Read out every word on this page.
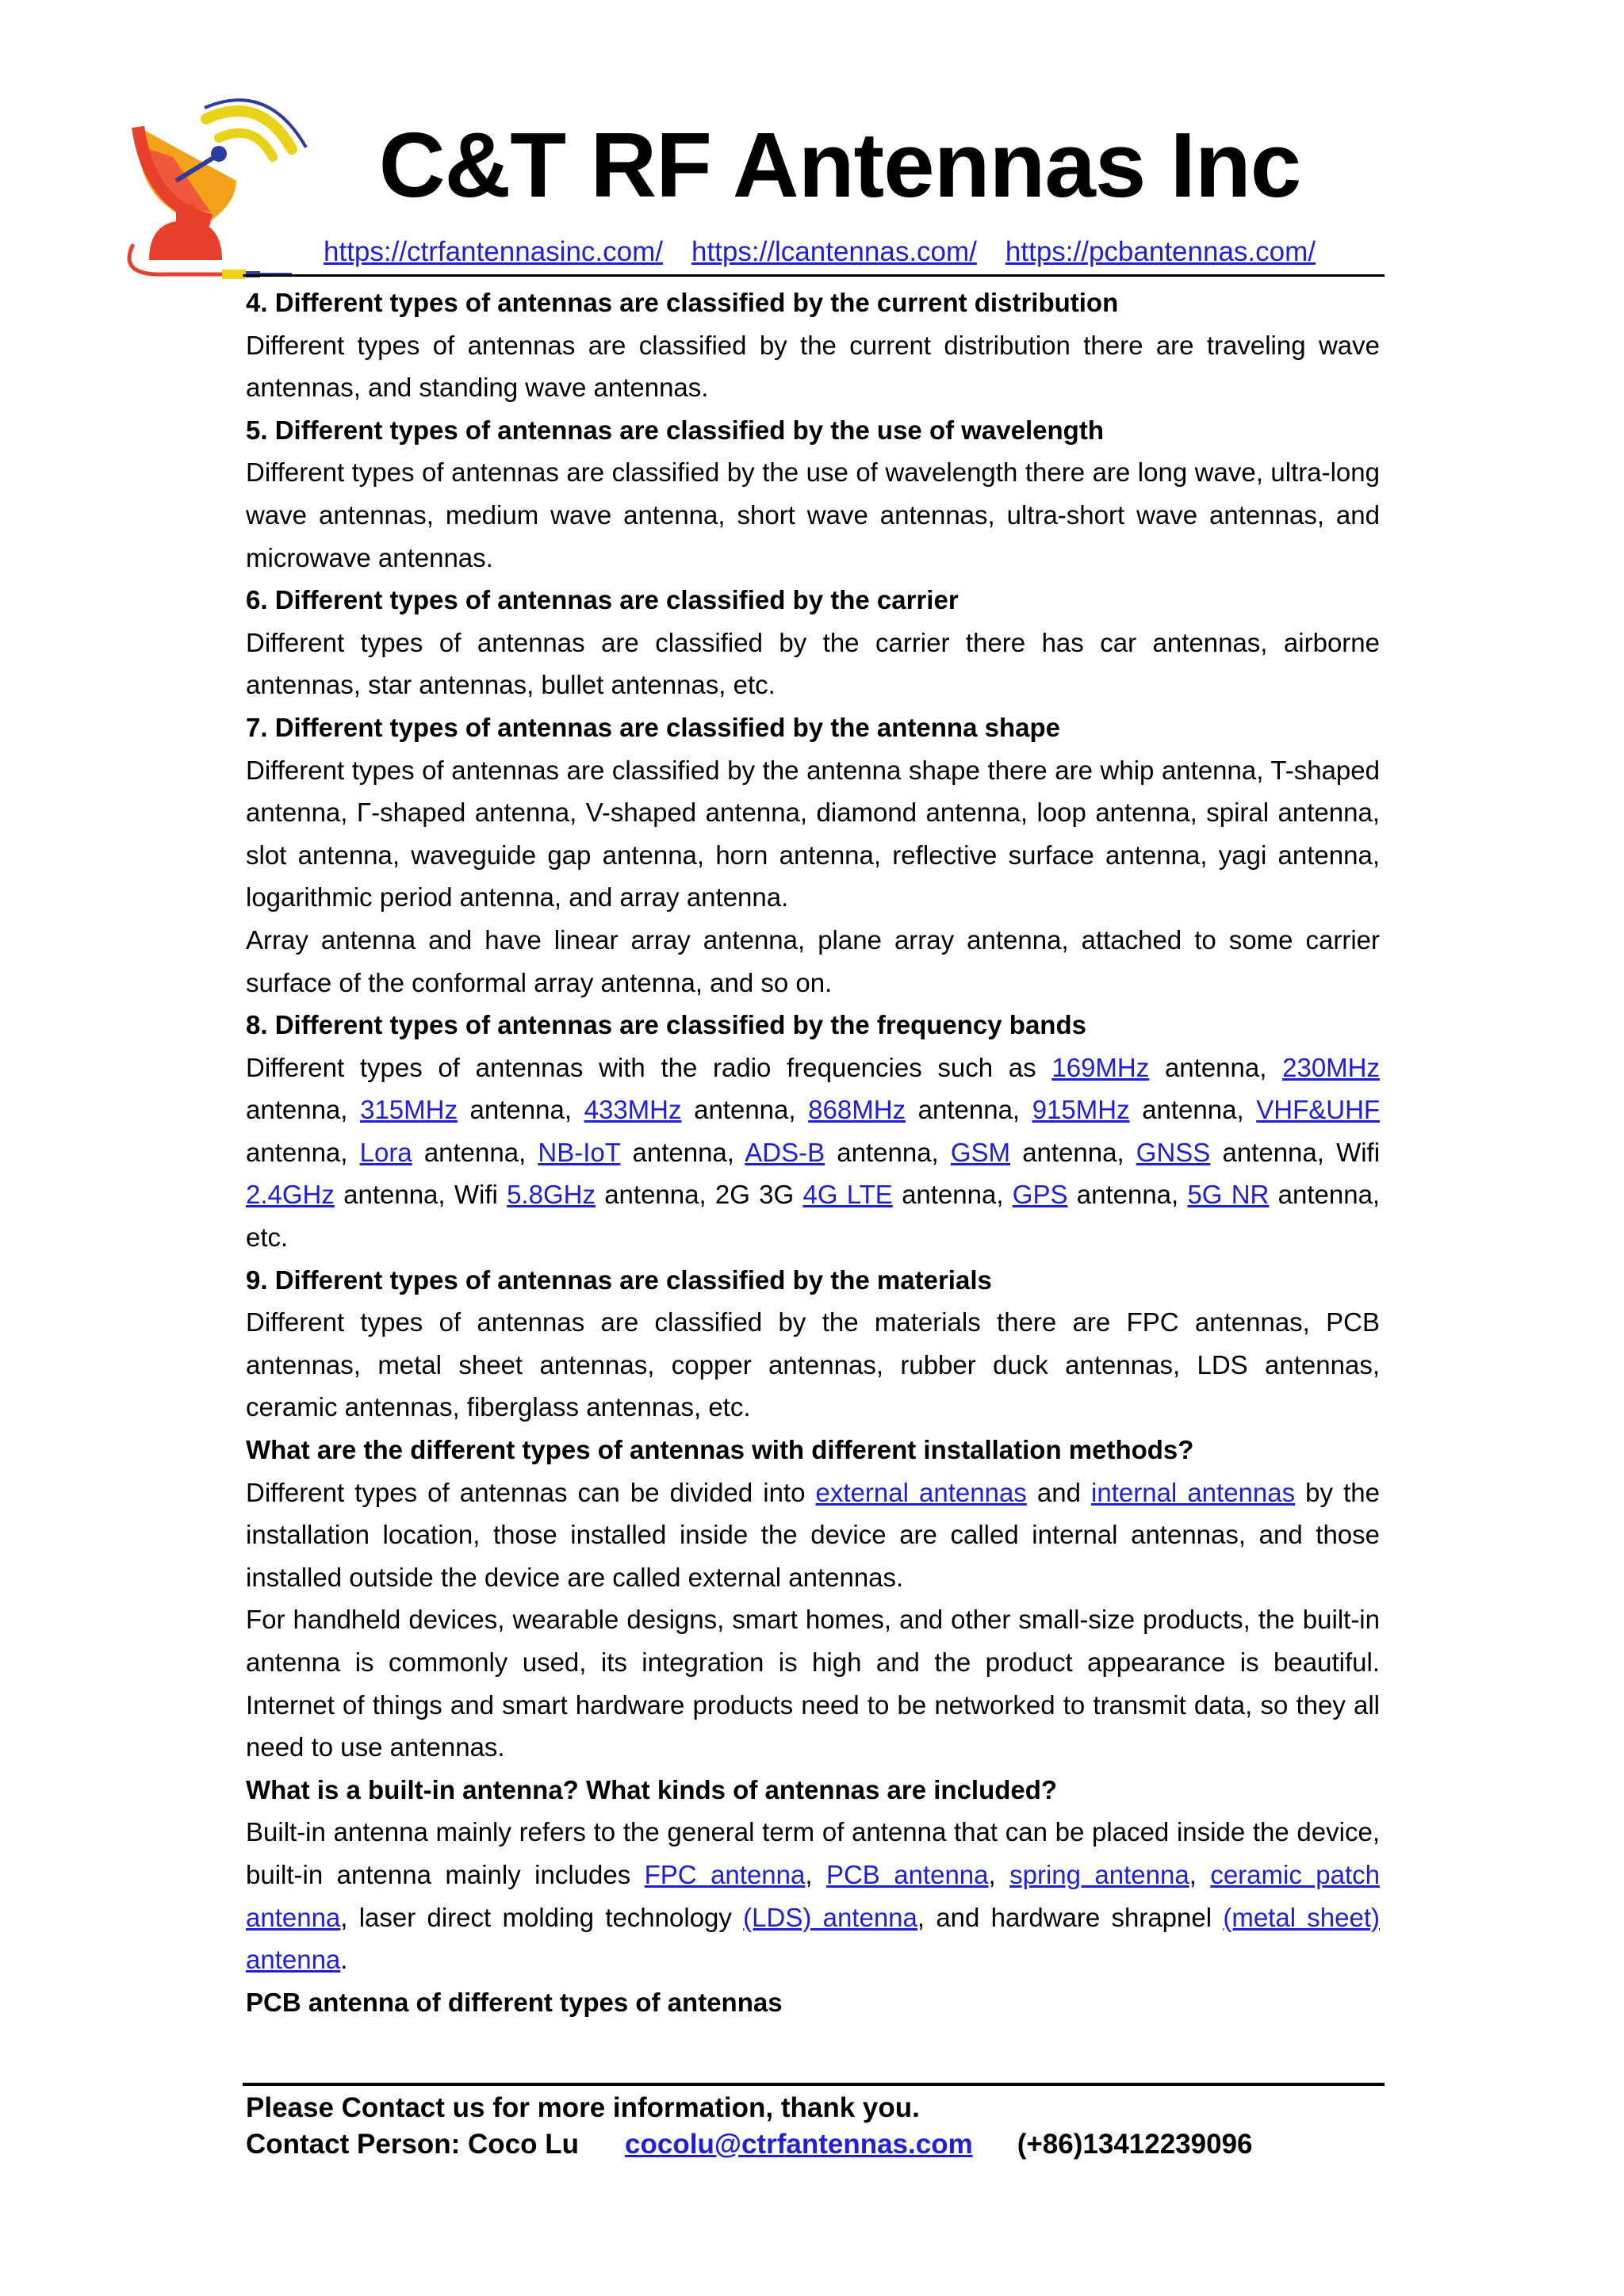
C&T RF Antennas Inc
https://ctrfantennasinc.com/ https://lcantennas.com/ https://pcbantennas.com/
4. Different types of antennas are classified by the current distribution

Different types of antennas are classified by the current distribution there are traveling wave antennas, and standing wave antennas.

5. Different types of antennas are classified by the use of wavelength

Different types of antennas are classified by the use of wavelength there are long wave, ultra-long wave antennas, medium wave antenna, short wave antennas, ultra-short wave antennas, and microwave antennas.

6. Different types of antennas are classified by the carrier

Different types of antennas are classified by the carrier there has car antennas, airborne antennas, star antennas, bullet antennas, etc.

7. Different types of antennas are classified by the antenna shape

Different types of antennas are classified by the antenna shape there are whip antenna, T-shaped antenna, Γ-shaped antenna, V-shaped antenna, diamond antenna, loop antenna, spiral antenna, slot antenna, waveguide gap antenna, horn antenna, reflective surface antenna, yagi antenna, logarithmic period antenna, and array antenna.

Array antenna and have linear array antenna, plane array antenna, attached to some carrier surface of the conformal array antenna, and so on.

8. Different types of antennas are classified by the frequency bands

Different types of antennas with the radio frequencies such as 169MHz antenna, 230MHz antenna, 315MHz antenna, 433MHz antenna, 868MHz antenna, 915MHz antenna, VHF&UHF antenna, Lora antenna, NB-IoT antenna, ADS-B antenna, GSM antenna, GNSS antenna, Wifi 2.4GHz antenna, Wifi 5.8GHz antenna, 2G 3G 4G LTE antenna, GPS antenna, 5G NR antenna, etc.

9. Different types of antennas are classified by the materials

Different types of antennas are classified by the materials there are FPC antennas, PCB antennas, metal sheet antennas, copper antennas, rubber duck antennas, LDS antennas, ceramic antennas, fiberglass antennas, etc.

What are the different types of antennas with different installation methods?

Different types of antennas can be divided into external antennas and internal antennas by the installation location, those installed inside the device are called internal antennas, and those installed outside the device are called external antennas.

For handheld devices, wearable designs, smart homes, and other small-size products, the built-in antenna is commonly used, its integration is high and the product appearance is beautiful. Internet of things and smart hardware products need to be networked to transmit data, so they all need to use antennas.

What is a built-in antenna? What kinds of antennas are included?

Built-in antenna mainly refers to the general term of antenna that can be placed inside the device, built-in antenna mainly includes FPC antenna, PCB antenna, spring antenna, ceramic patch antenna, laser direct molding technology (LDS) antenna, and hardware shrapnel (metal sheet) antenna.

PCB antenna of different types of antennas
Please Contact us for more information, thank you.
Contact Person: Coco Lu cocolu@ctrfantennas.com (+86)13412239096
